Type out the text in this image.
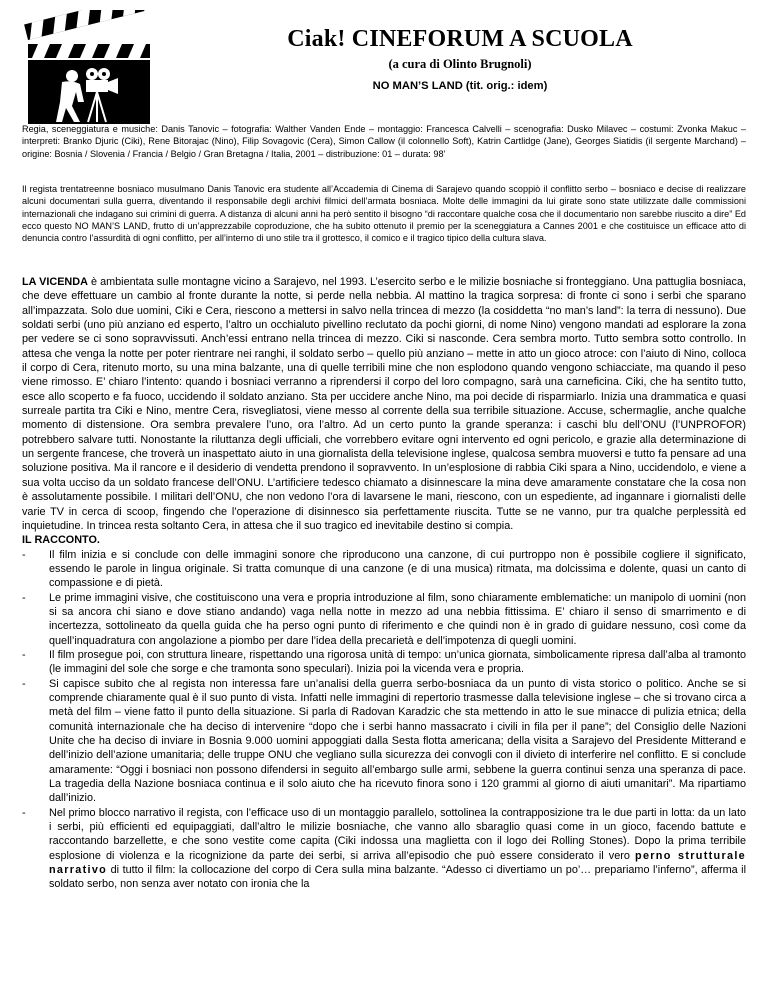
Ciak! CINEFORUM A SCUOLA
(a cura di Olinto Brugnoli)
NO MAN’S LAND (tit. orig.: idem)
Regia, sceneggiatura e musiche: Danis Tanovic – fotografia: Walther Vanden Ende – montaggio: Francesca Calvelli – scenografia: Dusko Milavec – costumi: Zvonka Makuc – interpreti: Branko Djuric (Ciki), Rene Bitorajac (Nino), Filip Sovagovic (Cera), Simon Callow (il colonnello Soft), Katrin Cartlidge (Jane), Georges Siatidis (il sergente Marchand) – origine: Bosnia / Slovenia / Francia / Belgio / Gran Bretagna / Italia, 2001 – distribuzione: 01 – durata: 98’
Il regista trentatreenne bosniaco musulmano Danis Tanovic era studente all’Accademia di Cinema di Sarajevo quando scoppiò il conflitto serbo – bosniaco e decise di realizzare alcuni documentari sulla guerra, diventando il responsabile degli archivi filmici dell’armata bosniaca. Molte delle immagini da lui girate sono state utilizzate dalle commissioni internazionali che indagano sui crimini di guerra. A distanza di alcuni anni ha però sentito il bisogno “di raccontare qualche cosa che il documentario non sarebbe riuscito a dire” Ed ecco questo NO MAN’S LAND, frutto di un’apprezzabile coproduzione, che ha subito ottenuto il premio per la sceneggiatura a Cannes 2001 e che costituisce un efficace atto di denuncia contro l’assurdità di ogni conflitto, per all’interno di uno stile tra il grottesco, il comico e il tragico tipico della cultura slava.

LA VICENDA è ambientata sulle montagne vicino a Sarajevo, nel 1993. L’esercito serbo e le milizie bosniache si fronteggiano. Una pattuglia bosniaca, che deve effettuare un cambio al fronte durante la notte, si perde nella nebbia. Al mattino la tragica sorpresa: di fronte ci sono i serbi che sparano all’impazzata. Solo due uomini, Ciki e Cera, riescono a mettersi in salvo nella trincea di mezzo (la cosiddetta “no man’s land”: la terra di nessuno). Due soldati serbi (uno più anziano ed esperto, l’altro un occhialuto pivellino reclutato da pochi giorni, di nome Nino) vengono mandati ad esplorare la zona per vedere se ci sono sopravvissuti. Anch’essi entrano nella trincea di mezzo. Ciki si nasconde. Cera sembra morto. Tutto sembra sotto controllo. In attesa che venga la notte per poter rientrare nei ranghi, il soldato serbo – quello più anziano – mette in atto un gioco atroce: con l’aiuto di Nino, colloca il corpo di Cera, ritenuto morto, su una mina balzante, una di quelle terribili mine che non esplodono quando vengono schiacciate, ma quando il peso viene rimosso. E’ chiaro l’intento: quando i bosniaci verranno a riprendersi il corpo del loro compagno, sarà una carneficina. Ciki, che ha sentito tutto, esce allo scoperto e fa fuoco, uccidendo il soldato anziano. Sta per uccidere anche Nino, ma poi decide di risparmiarlo. Inizia una drammatica e quasi surreale partita tra Ciki e Nino, mentre Cera, risvegliatosi, viene messo al corrente della sua terribile situazione. Accuse, schermaglie, anche qualche momento di distensione. Ora sembra prevalere l’uno, ora l’altro. Ad un certo punto la grande speranza: i caschi blu dell’ONU (l’UNPROFOR) potrebbero salvare tutti. Nonostante la riluttanza degli ufficiali, che vorrebbero evitare ogni intervento ed ogni pericolo, e grazie alla determinazione di un sergente francese, che troverà un inaspettato aiuto in una giornalista della televisione inglese, qualcosa sembra muoversi e tutto fa pensare ad una soluzione positiva. Ma il rancore e il desiderio di vendetta prendono il sopravvento. In un’esplosione di rabbia Ciki spara a Nino, uccidendolo, e viene a sua volta ucciso da un soldato francese dell’ONU. L’artificiere tedesco chiamato a disinnescare la mina deve amaramente constatare che la cosa non è assolutamente possibile. I militari dell’ONU, che non vedono l’ora di lavarsene le mani, riescono, con un espediente, ad ingannare i giornalisti delle varie TV in cerca di scoop, fingendo che l’operazione di disinnesco sia perfettamente riuscita. Tutte se ne vanno, pur tra qualche perplessità ed inquietudine. In trincea resta soltanto Cera, in attesa che il suo tragico ed inevitabile destino si compia.

IL RACCONTO.

- Il film inizia e si conclude con delle immagini sonore che riproducono una canzone, di cui purtroppo non è possibile cogliere il significato, essendo le parole in lingua originale. Si tratta comunque di una canzone (e di una musica) ritmata, ma dolcissima e dolente, quasi un canto di compassione e di pietà.
- Le prime immagini visive, che costituiscono una vera e propria introduzione al film, sono chiaramente emblematiche: un manipolo di uomini (non si sa ancora chi siano e dove stiano andando) vaga nella notte in mezzo ad una nebbia fittissima. E’ chiaro il senso di smarrimento e di incertezza, sottolineato da quella guida che ha perso ogni punto di riferimento e che quindi non è in grado di guidare nessuno, così come da quell’inquadratura con angolazione a piombo per dare l’idea della precarietà e dell’impotenza di quegli uomini.
- Il film prosegue poi, con struttura lineare, rispettando una rigorosa unità di tempo: un’unica giornata, simbolicamente ripresa dall’alba al tramonto (le immagini del sole che sorge e che tramonta sono speculari). Inizia poi la vicenda vera e propria.
- Si capisce subito che al regista non interessa fare un’analisi della guerra serbo-bosniaca da un punto di vista storico o politico. Anche se si comprende chiaramente qual è il suo punto di vista. Infatti nelle immagini di repertorio trasmesse dalla televisione inglese – che si trovano circa a metà del film – viene fatto il punto della situazione. Si parla di Radovan Karadzic che sta mettendo in atto le sue minacce di pulizia etnica; della comunità internazionale che ha deciso di intervenire “dopo che i serbi hanno massacrato i civili in fila per il pane”; del Consiglio delle Nazioni Unite che ha deciso di inviare in Bosnia 9.000 uomini appoggiati dalla Sesta flotta americana; della visita a Sarajevo del Presidente Mitterand e dell’inizio dell’azione umanitaria; delle truppe ONU che vegliano sulla sicurezza dei convogli con il divieto di interferire nel conflitto. E si conclude amaramente: “Oggi i bosniaci non possono difendersi in seguito all’embargo sulle armi, sebbene la guerra continui senza una speranza di pace. La tragedia della Nazione bosniaca continua e il solo aiuto che ha ricevuto finora sono i 120 grammi al giorno di aiuti umanitari”. Ma ripartiamo dall’inizio.
- Nel primo blocco narrativo il regista, con l’efficace uso di un montaggio parallelo, sottolinea la contrapposizione tra le due parti in lotta: da un lato i serbi, più efficienti ed equipaggiati, dall’altro le milizie bosniache, che vanno allo sbaraglio quasi come in un gioco, facendo battute e raccontando barzellette, e che sono vestite come capita (Ciki indossa una maglietta con il logo dei Rolling Stones). Dopo la prima terribile esplosione di violenza e la ricognizione da parte dei serbi, si arriva all’episodio che può essere considerato il vero perno strutturale narrativo di tutto il film: la collocazione del corpo di Cera sulla mina balzante. “Adesso ci divertiamo un po’… prepariamo l’inferno”, afferma il soldato serbo, non senza aver notato con ironia che la
